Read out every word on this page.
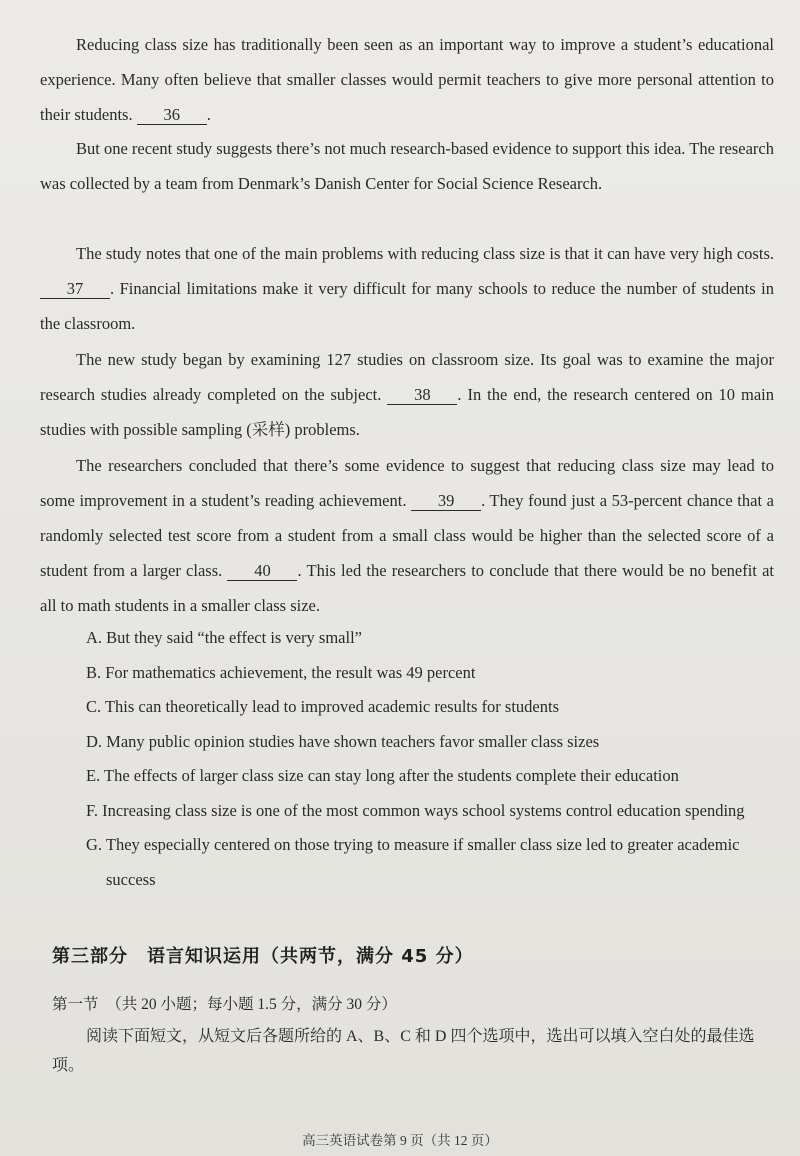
Reducing class size has traditionally been seen as an important way to improve a student’s educational experience. Many often believe that smaller classes would permit teachers to give more personal attention to their students. 36 .
But one recent study suggests there’s not much research-based evidence to support this idea. The research was collected by a team from Denmark’s Danish Center for Social Science Research.
The study notes that one of the main problems with reducing class size is that it can have very high costs. 37 . Financial limitations make it very difficult for many schools to reduce the number of students in the classroom.
The new study began by examining 127 studies on classroom size. Its goal was to examine the major research studies already completed on the subject. 38 . In the end, the research centered on 10 main studies with possible sampling (采样) problems.
The researchers concluded that there’s some evidence to suggest that reducing class size may lead to some improvement in a student’s reading achievement. 39 . They found just a 53-percent chance that a randomly selected test score from a student from a small class would be higher than the selected score of a student from a larger class. 40 . This led the researchers to conclude that there would be no benefit at all to math students in a smaller class size.
A. But they said “the effect is very small”
B. For mathematics achievement, the result was 49 percent
C. This can theoretically lead to improved academic results for students
D. Many public opinion studies have shown teachers favor smaller class sizes
E. The effects of larger class size can stay long after the students complete their education
F. Increasing class size is one of the most common ways school systems control education spending
G. They especially centered on those trying to measure if smaller class size led to greater academic success
第三部分　语言知识运用（共两节，满分 45 分）
第一节　（共 20 小题；每小题 1.5 分，满分 30 分）
阅读下面短文，从短文后各题所给的 A、B、C 和 D 四个选项中，选出可以填入空白处的最佳选项。
高三英语试卷第 9 页（共 12 页）
